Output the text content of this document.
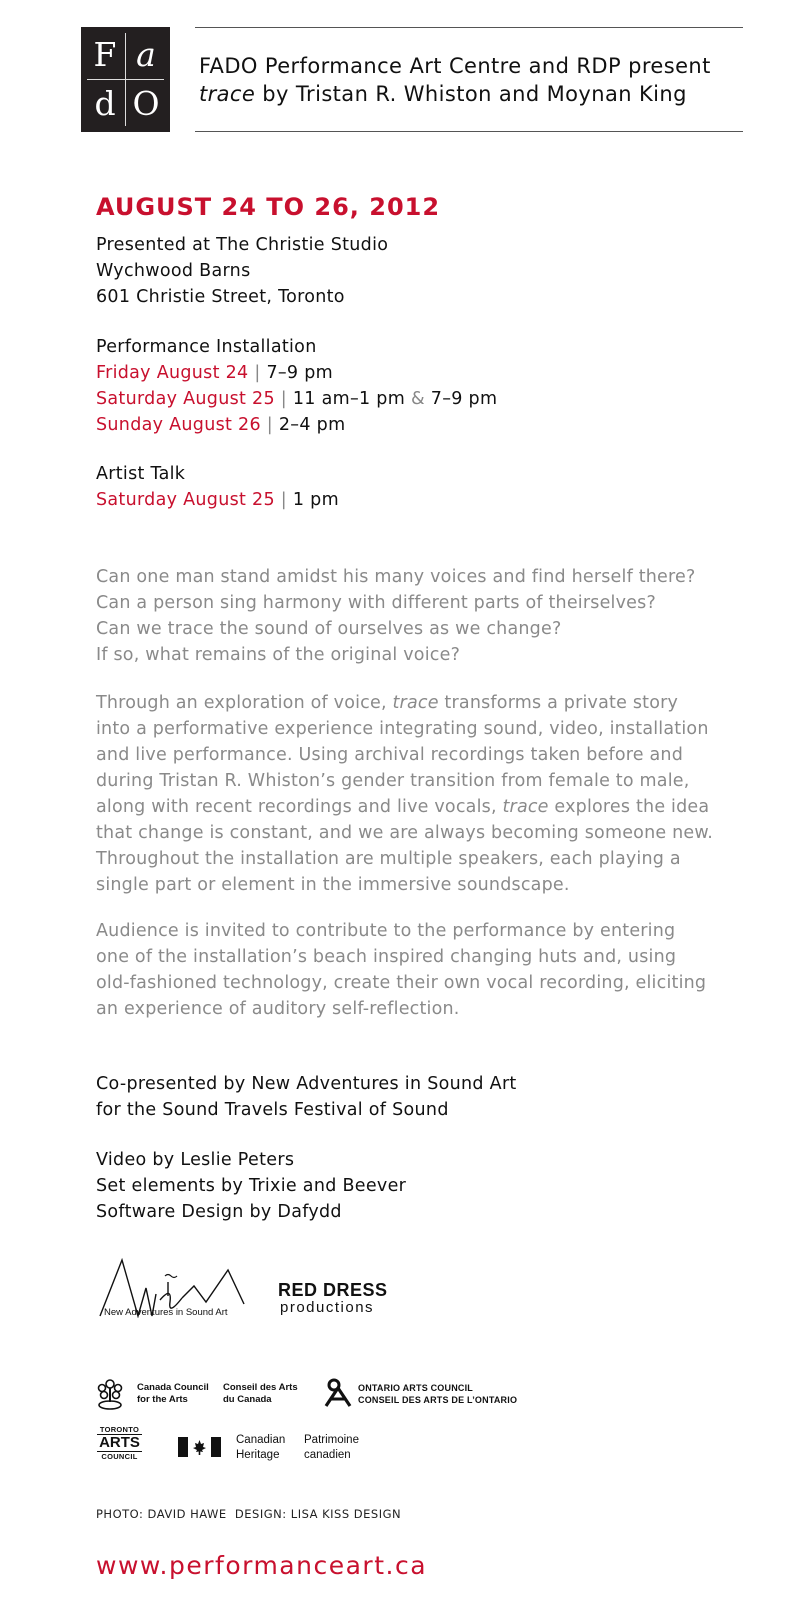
F a
d O
FADO Performance Art Centre and RDP present
trace by Tristan R. Whiston and Moynan King
AUGUST 24 TO 26, 2012
Presented at The Christie Studio
Wychwood Barns
601 Christie Street, Toronto
Performance Installation
Friday August 24 | 7–9 pm
Saturday August 25 | 11 am–1 pm & 7–9 pm
Sunday August 26 | 2–4 pm
Artist Talk
Saturday August 25 | 1 pm
Can one man stand amidst his many voices and find herself there?
Can a person sing harmony with different parts of theirselves?
Can we trace the sound of ourselves as we change?
If so, what remains of the original voice?
Through an exploration of voice, trace transforms a private story
into a performative experience integrating sound, video, installation
and live performance. Using archival recordings taken before and
during Tristan R. Whiston’s gender transition from female to male,
along with recent recordings and live vocals, trace explores the idea
that change is constant, and we are always becoming someone new.
Throughout the installation are multiple speakers, each playing a
single part or element in the immersive soundscape.
Audience is invited to contribute to the performance by entering
one of the installation’s beach inspired changing huts and, using
old-fashioned technology, create their own vocal recording, eliciting
an experience of auditory self-reflection.
Co-presented by New Adventures in Sound Art
for the Sound Travels Festival of Sound
Video by Leslie Peters
Set elements by Trixie and Beever
Software Design by Dafydd
New Adventures in Sound Art
RED DRESS
productions
Canada Council
for the Arts
Conseil des Arts
du Canada
ONTARIO ARTS COUNCIL
CONSEIL DES ARTS DE L’ONTARIO
TORONTO
ARTS
COUNCIL
Canadian
Heritage
Patrimoine
canadien
PHOTO: DAVID HAWE  DESIGN: LISA KISS DESIGN
www.performanceart.ca
